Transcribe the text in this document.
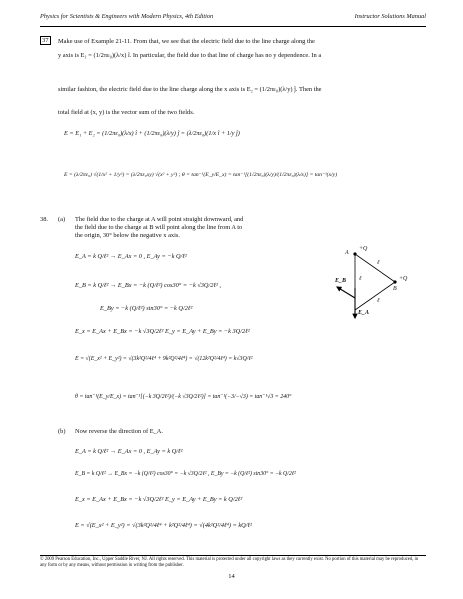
Physics for Scientists & Engineers with Modern Physics, 4th Edition	Instructor Solutions Manual
37	Make use of Example 21-11. From that, we see that the electric field due to the line charge along the
y axis is E₁ = (1/2πε₀)(λ/x) î. In particular, the field due to that line of charge has no y dependence. In a
similar fashion, the electric field due to the line charge along the x axis is E₂ = (1/2πε₀)(λ/y) ĵ. Then the
total field at (x, y) is the vector sum of the two fields.
E = E₁ + E₂ = (1/2πε₀)(λ/x) î + (1/2πε₀)(λ/y) ĵ = (λ/2πε₀)(1/x î + 1/y ĵ)
E = (λ/2πε₀) √(1/x² + 1/y²) = (λ/2πε₀xy) √(x² + y²) ; θ = tan⁻¹(E_y/E_x) = tan⁻¹[(1/2πε₀)(λ/y)/(1/2πε₀)(λ/x)] = tan⁻¹(x/y)
38. (a) The field due to the charge at A will point straight downward, and
the field due to the charge at B will point along the line from A to
the origin, 30° below the negative x axis.
E_A = k Q/ℓ² → E_Ax = 0 , E_Ay = −k Q/ℓ²
E_B = k Q/ℓ² → E_Bx = −k (Q/ℓ²) cos30° = −k √3Q/2ℓ² ,
E_By = −k (Q/ℓ²) sin30° = −k Q/2ℓ²
E_x = E_Ax + E_Bx = −k √3Q/2ℓ² E_y = E_Ay + E_By = −k 3Q/2ℓ²
E = √(E_x² + E_y²) = √(3k²Q²/4ℓ⁴ + 9k²Q²/4ℓ⁴) = √(12k²Q²/4ℓ⁴) = k√3Q/ℓ²
θ = tan⁻¹(E_y/E_x) = tan⁻¹[(−k 3Q/2ℓ²)/(−k √3Q/2ℓ²)] = tan⁻¹(−3/−√3) = tan⁻¹√3 = 240°
(b) Now reverse the direction of E_A.
E_A = k Q/ℓ² → E_Ax = 0 , E_Ay = k Q/ℓ²
E_B = k Q/ℓ² → E_Bx = −k (Q/ℓ²) cos30° = −k √3Q/2ℓ² , E_By = −k (Q/ℓ²) sin30° = −k Q/2ℓ²
E_x = E_Ax + E_Bx = −k √3Q/2ℓ² E_y = E_Ay + E_By = k Q/2ℓ²
E = √(E_x² + E_y²) = √(3k²Q²/4ℓ⁴ + k²Q²/4ℓ⁴) = √(4k²Q²/4ℓ⁴) = kQ/ℓ²
A
+Q
+Q
B
ℓ
ℓ
ℓ
E_B
E_A
© 2009 Pearson Education, Inc., Upper Saddle River, NJ. All rights reserved. This material is protected under all copyright laws as they currently exist. No portion of this material may be reproduced, in any form or by any means, without permission in writing from the publisher.
14
